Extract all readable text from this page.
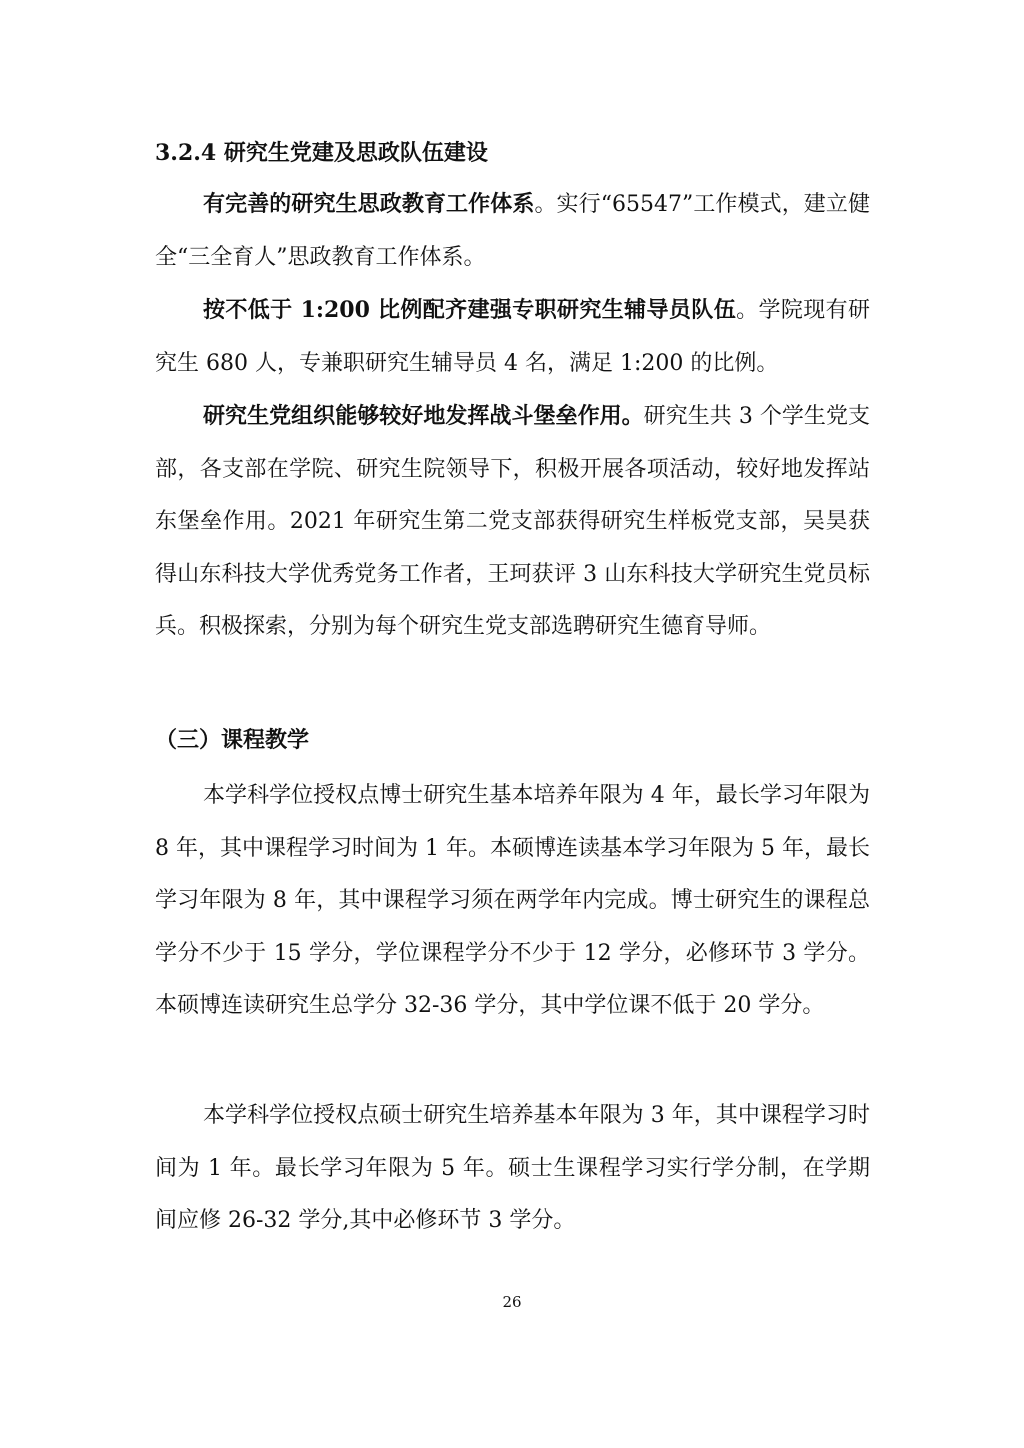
3.2.4 研究生党建及思政队伍建设
有完善的研究生思政教育工作体系。实行“65547”工作模式，建立健全“三全育人”思政教育工作体系。
按不低于 1:200 比例配齐建强专职研究生辅导员队伍。学院现有研究生 680 人，专兼职研究生辅导员 4 名，满足 1:200 的比例。
研究生党组织能够较好地发挥战斗堡垒作用。研究生共 3 个学生党支部，各支部在学院、研究生院领导下，积极开展各项活动，较好地发挥站东堡垒作用。2021 年研究生第二党支部获得研究生样板党支部，吴昊获得山东科技大学优秀党务工作者，王珂获评 3 山东科技大学研究生党员标兵。积极探索，分别为每个研究生党支部选聘研究生德育导师。
（三）课程教学
本学科学位授权点博士研究生基本培养年限为 4 年，最长学习年限为 8 年，其中课程学习时间为 1 年。本硕博连读基本学习年限为 5 年，最长学习年限为 8 年，其中课程学习须在两学年内完成。博士研究生的课程总学分不少于 15 学分，学位课程学分不少于 12 学分，必修环节 3 学分。本硕博连读研究生总学分 32-36 学分，其中学位课不低于 20 学分。
本学科学位授权点硕士研究生培养基本年限为 3 年，其中课程学习时间为 1 年。最长学习年限为 5 年。硕士生课程学习实行学分制，在学期间应修 26-32 学分,其中必修环节 3 学分。
26
